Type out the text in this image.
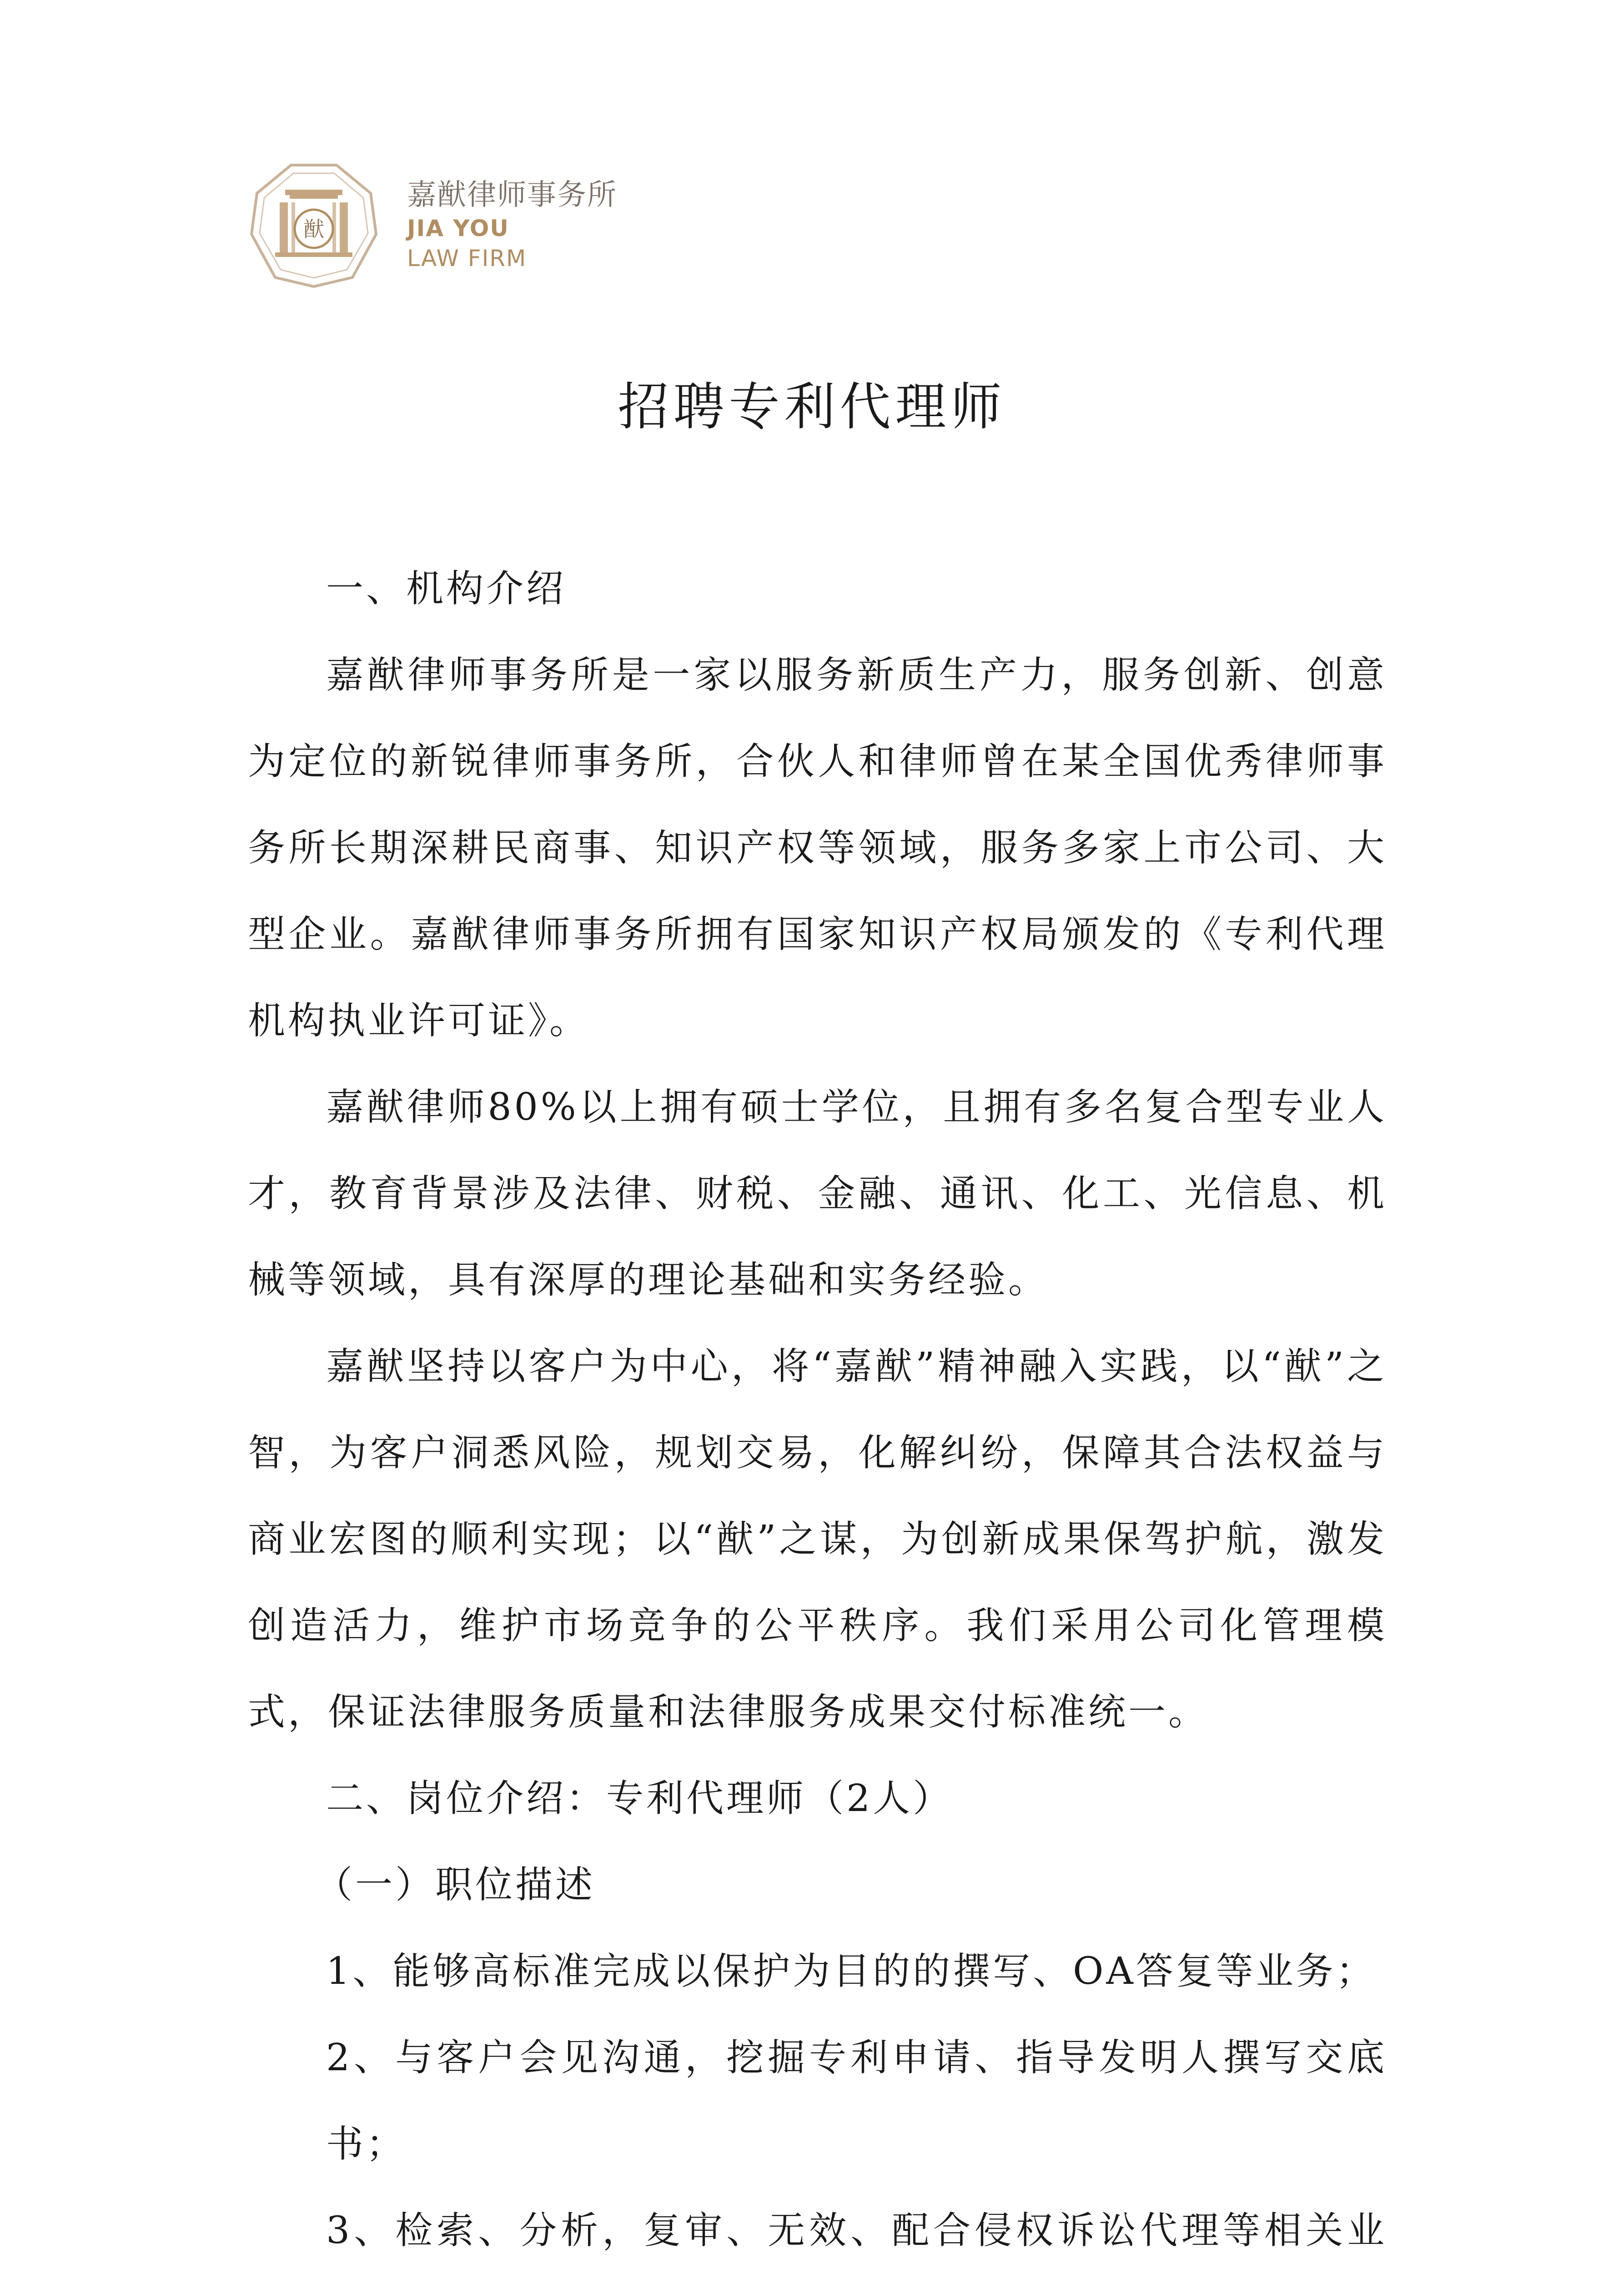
猷
嘉猷律师事务所
JIA YOU
LAW FIRM
招聘专利代理师

一、机构介绍

嘉猷律师事务所是一家以服务新质生产力，服务创新、创意为定位的新锐律师事务所，合伙人和律师曾在某全国优秀律师事务所长期深耕民商事、知识产权等领域，服务多家上市公司、大型企业。嘉猷律师事务所拥有国家知识产权局颁发的《专利代理机构执业许可证》。

嘉猷律师80%以上拥有硕士学位，且拥有多名复合型专业人才，教育背景涉及法律、财税、金融、通讯、化工、光信息、机械等领域，具有深厚的理论基础和实务经验。

嘉猷坚持以客户为中心，将“嘉猷”精神融入实践，以“猷”之智，为客户洞悉风险，规划交易，化解纠纷，保障其合法权益与商业宏图的顺利实现；以“猷”之谋，为创新成果保驾护航，激发创造活力，维护市场竞争的公平秩序。我们采用公司化管理模式，保证法律服务质量和法律服务成果交付标准统一。

二、岗位介绍：专利代理师（2人）

（一）职位描述

1、能够高标准完成以保护为目的的撰写、OA答复等业务；

2、与客户会见沟通，挖掘专利申请、指导发明人撰写交底书；

3、检索、分析，复审、无效、配合侵权诉讼代理等相关业
